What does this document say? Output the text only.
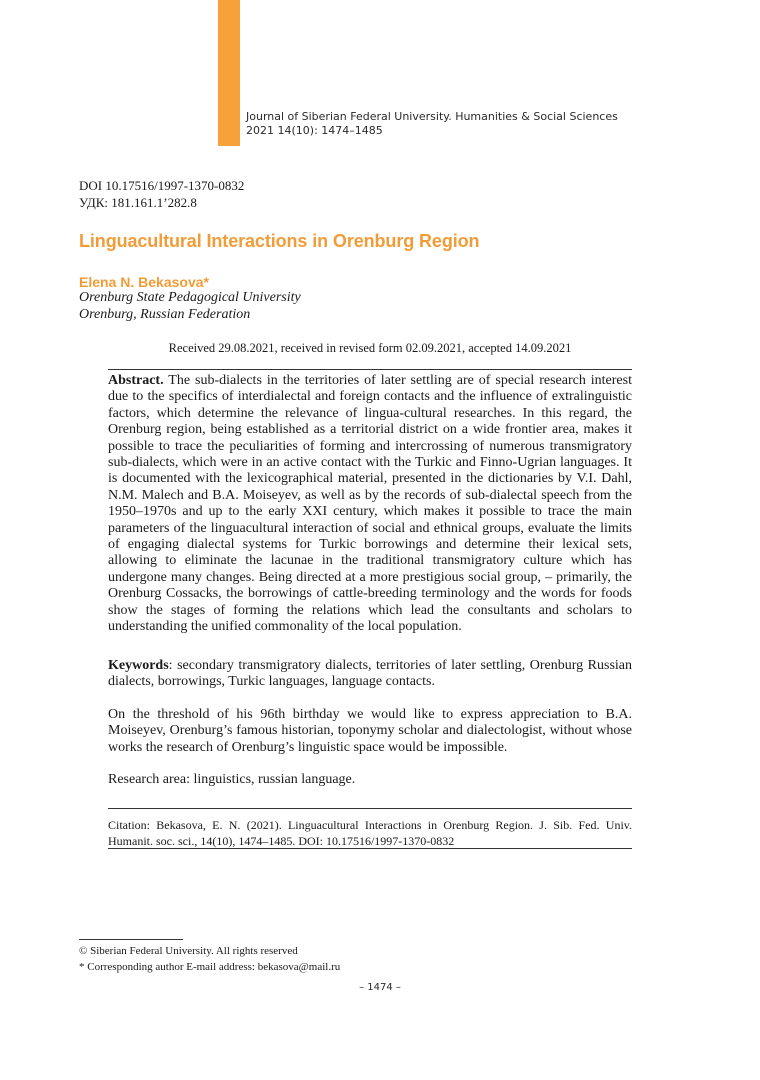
Journal of Siberian Federal University. Humanities & Social Sciences
2021 14(10): 1474–1485
DOI 10.17516/1997-1370-0832
УДК: 181.161.1’282.8
Linguacultural Interactions in Orenburg Region
Elena N. Bekasova*
Orenburg State Pedagogical University
Orenburg, Russian Federation
Received 29.08.2021, received in revised form 02.09.2021, accepted 14.09.2021
Abstract. The sub-dialects in the territories of later settling are of special research interest due to the specifics of interdialectal and foreign contacts and the influence of extralinguistic factors, which determine the relevance of lingua-cultural researches. In this regard, the Orenburg region, being established as a territorial district on a wide frontier area, makes it possible to trace the peculiarities of forming and intercrossing of numerous transmigratory sub-dialects, which were in an active contact with the Turkic and Finno-Ugrian languages. It is documented with the lexicographical material, presented in the dictionaries by V.I. Dahl, N.M. Malech and B.A. Moiseyev, as well as by the records of sub-dialectal speech from the 1950–1970s and up to the early XXI century, which makes it possible to trace the main parameters of the linguacultural interaction of social and ethnical groups, evaluate the limits of engaging dialectal systems for Turkic borrowings and determine their lexical sets, allowing to eliminate the lacunae in the traditional transmigratory culture which has undergone many changes. Being directed at a more prestigious social group, – primarily, the Orenburg Cossacks, the borrowings of cattle-breeding terminology and the words for foods show the stages of forming the relations which lead the consultants and scholars to understanding the unified commonality of the local population.
Keywords: secondary transmigratory dialects, territories of later settling, Orenburg Russian dialects, borrowings, Turkic languages, language contacts.
On the threshold of his 96th birthday we would like to express appreciation to B.A. Moiseyev, Orenburg’s famous historian, toponymy scholar and dialectologist, without whose works the research of Orenburg’s linguistic space would be impossible.
Research area: linguistics, russian language.
Citation: Bekasova, E. N. (2021). Linguacultural Interactions in Orenburg Region. J. Sib. Fed. Univ. Humanit. soc. sci., 14(10), 1474–1485. DOI: 10.17516/1997-1370-0832
© Siberian Federal University. All rights reserved
* Corresponding author E-mail address: bekasova@mail.ru
– 1474 –
